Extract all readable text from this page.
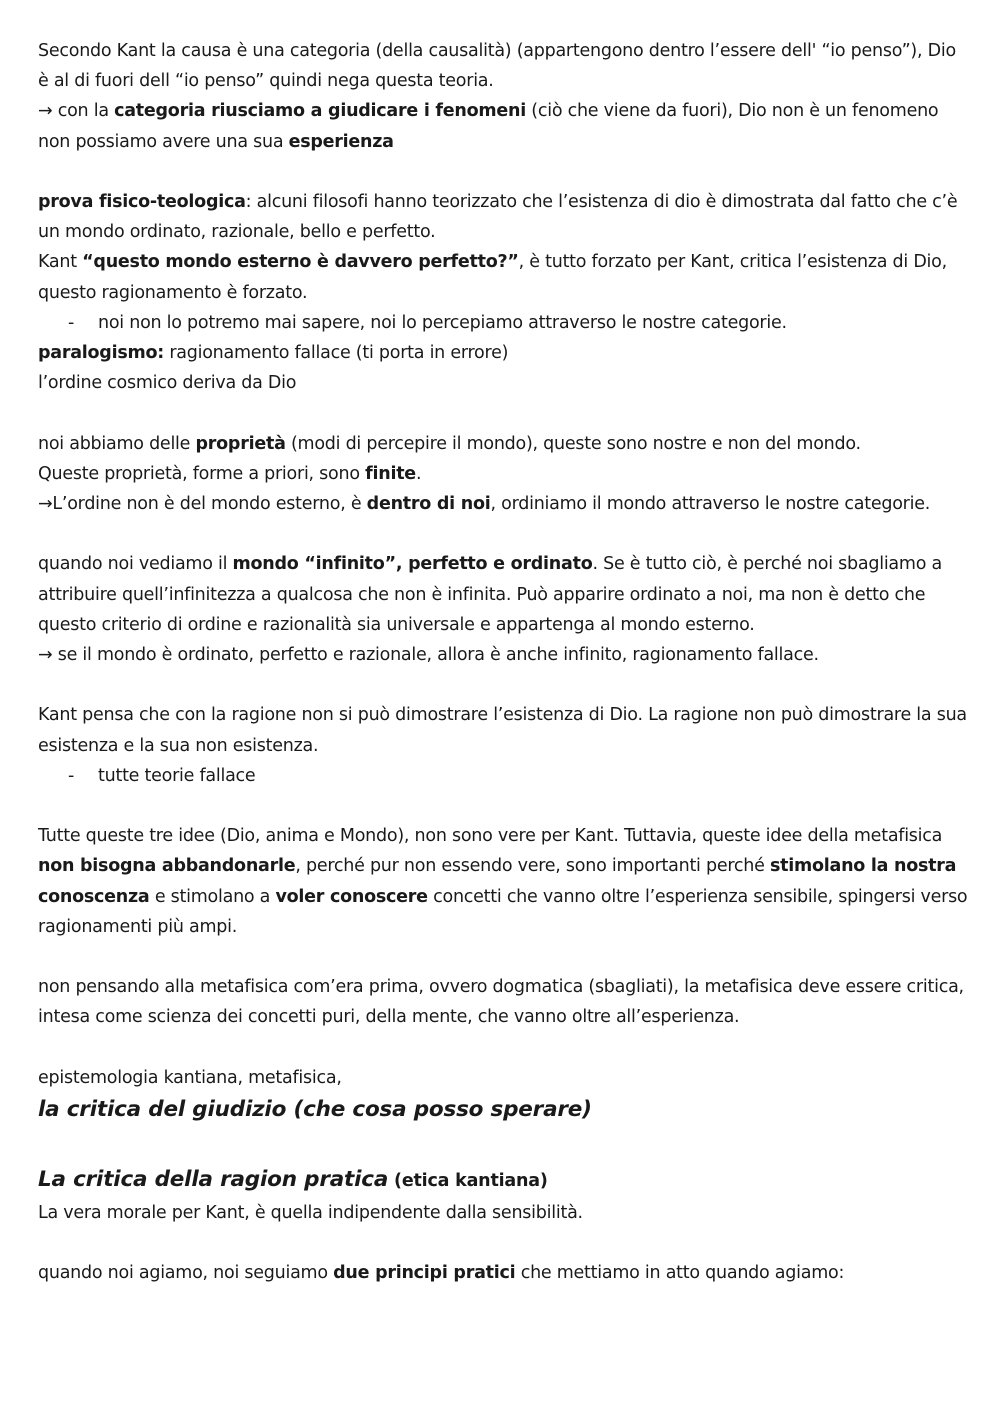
Secondo Kant la causa è una categoria (della causalità) (appartengono dentro l’essere dell' “io penso”), Dio è al di fuori dell “io penso” quindi nega questa teoria.

→ con la categoria riusciamo a giudicare i fenomeni (ciò che viene da fuori), Dio non è un fenomeno non possiamo avere una sua esperienza

prova fisico-teologica: alcuni filosofi hanno teorizzato che l’esistenza di dio è dimostrata dal fatto che c’è un mondo ordinato, razionale, bello e perfetto.

Kant “questo mondo esterno è davvero perfetto?”, è tutto forzato per Kant, critica l’esistenza di Dio, questo ragionamento è forzato.

- noi non lo potremo mai sapere, noi lo percepiamo attraverso le nostre categorie.

paralogismo: ragionamento fallace (ti porta in errore)

l’ordine cosmico deriva da Dio

noi abbiamo delle proprietà (modi di percepire il mondo), queste sono nostre e non del mondo.

Queste proprietà, forme a priori, sono finite.

→L’ordine non è del mondo esterno, è dentro di noi, ordiniamo il mondo attraverso le nostre categorie.

quando noi vediamo il mondo “infinito”, perfetto e ordinato. Se è tutto ciò, è perché noi sbagliamo a attribuire quell’infinitezza a qualcosa che non è infinita. Può apparire ordinato a noi, ma non è detto che questo criterio di ordine e razionalità sia universale e appartenga al mondo esterno.

→ se il mondo è ordinato, perfetto e razionale, allora è anche infinito, ragionamento fallace.

Kant pensa che con la ragione non si può dimostrare l’esistenza di Dio. La ragione non può dimostrare la sua esistenza e la sua non esistenza.

- tutte teorie fallace

Tutte queste tre idee (Dio, anima e Mondo), non sono vere per Kant. Tuttavia, queste idee della metafisica non bisogna abbandonarle, perché pur non essendo vere, sono importanti perché stimolano la nostra conoscenza e stimolano a voler conoscere concetti che vanno oltre l’esperienza sensibile, spingersi verso ragionamenti più ampi.

non pensando alla metafisica com’era prima, ovvero dogmatica (sbagliati), la metafisica deve essere critica, intesa come scienza dei concetti puri, della mente, che vanno oltre all’esperienza.

epistemologia kantiana, metafisica,

la critica del giudizio (che cosa posso sperare)
La critica della ragion pratica (etica kantiana)

La vera morale per Kant, è quella indipendente dalla sensibilità.

quando noi agiamo, noi seguiamo due principi pratici che mettiamo in atto quando agiamo:
